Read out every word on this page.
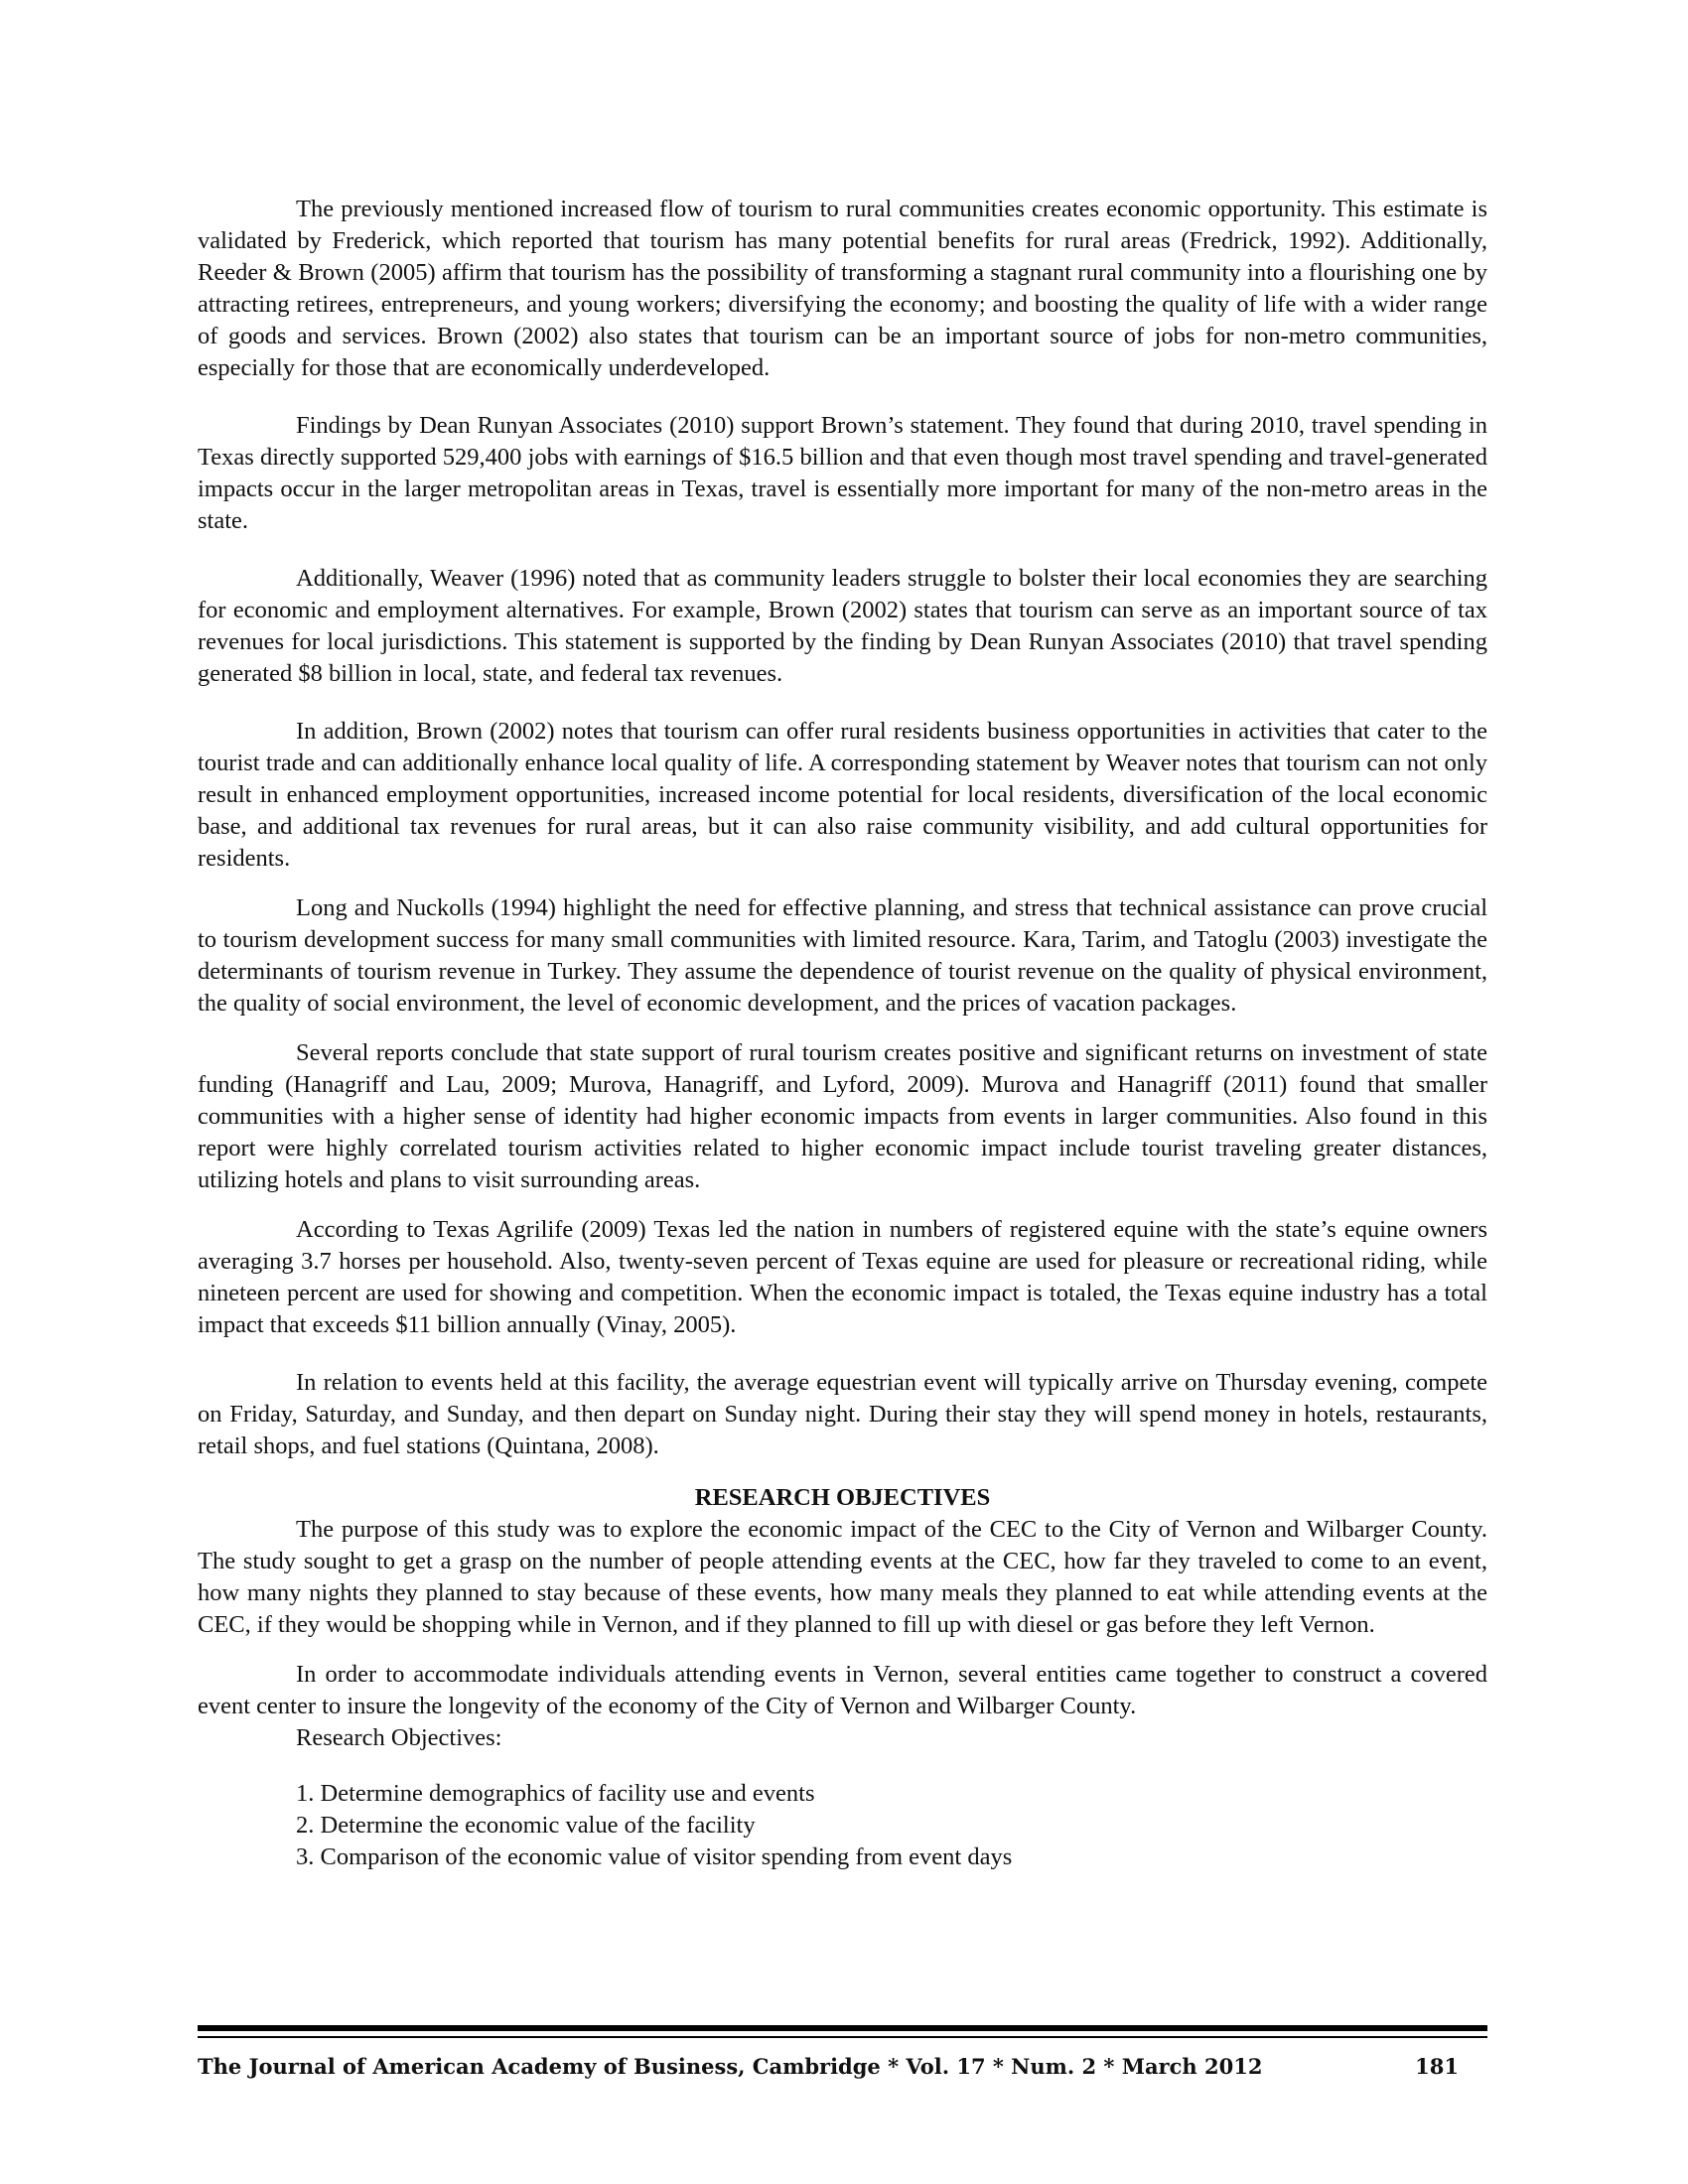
The previously mentioned increased flow of tourism to rural communities creates economic opportunity. This estimate is validated by Frederick, which reported that tourism has many potential benefits for rural areas (Fredrick, 1992). Additionally, Reeder & Brown (2005) affirm that tourism has the possibility of transforming a stagnant rural community into a flourishing one by attracting retirees, entrepreneurs, and young workers; diversifying the economy; and boosting the quality of life with a wider range of goods and services. Brown (2002) also states that tourism can be an important source of jobs for non-metro communities, especially for those that are economically underdeveloped.

Findings by Dean Runyan Associates (2010) support Brown’s statement. They found that during 2010, travel spending in Texas directly supported 529,400 jobs with earnings of $16.5 billion and that even though most travel spending and travel-generated impacts occur in the larger metropolitan areas in Texas, travel is essentially more important for many of the non-metro areas in the state.

Additionally, Weaver (1996) noted that as community leaders struggle to bolster their local economies they are searching for economic and employment alternatives. For example, Brown (2002) states that tourism can serve as an important source of tax revenues for local jurisdictions. This statement is supported by the finding by Dean Runyan Associates (2010) that travel spending generated $8 billion in local, state, and federal tax revenues.

In addition, Brown (2002) notes that tourism can offer rural residents business opportunities in activities that cater to the tourist trade and can additionally enhance local quality of life. A corresponding statement by Weaver notes that tourism can not only result in enhanced employment opportunities, increased income potential for local residents, diversification of the local economic base, and additional tax revenues for rural areas, but it can also raise community visibility, and add cultural opportunities for residents.

Long and Nuckolls (1994) highlight the need for effective planning, and stress that technical assistance can prove crucial to tourism development success for many small communities with limited resource. Kara, Tarim, and Tatoglu (2003) investigate the determinants of tourism revenue in Turkey. They assume the dependence of tourist revenue on the quality of physical environment, the quality of social environment, the level of economic development, and the prices of vacation packages.

Several reports conclude that state support of rural tourism creates positive and significant returns on investment of state funding (Hanagriff and Lau, 2009; Murova, Hanagriff, and Lyford, 2009). Murova and Hanagriff (2011) found that smaller communities with a higher sense of identity had higher economic impacts from events in larger communities. Also found in this report were highly correlated tourism activities related to higher economic impact include tourist traveling greater distances, utilizing hotels and plans to visit surrounding areas.

According to Texas Agrilife (2009) Texas led the nation in numbers of registered equine with the state’s equine owners averaging 3.7 horses per household. Also, twenty-seven percent of Texas equine are used for pleasure or recreational riding, while nineteen percent are used for showing and competition. When the economic impact is totaled, the Texas equine industry has a total impact that exceeds $11 billion annually (Vinay, 2005).

In relation to events held at this facility, the average equestrian event will typically arrive on Thursday evening, compete on Friday, Saturday, and Sunday, and then depart on Sunday night. During their stay they will spend money in hotels, restaurants, retail shops, and fuel stations (Quintana, 2008).

RESEARCH OBJECTIVES

The purpose of this study was to explore the economic impact of the CEC to the City of Vernon and Wilbarger County. The study sought to get a grasp on the number of people attending events at the CEC, how far they traveled to come to an event, how many nights they planned to stay because of these events, how many meals they planned to eat while attending events at the CEC, if they would be shopping while in Vernon, and if they planned to fill up with diesel or gas before they left Vernon.

In order to accommodate individuals attending events in Vernon, several entities came together to construct a covered event center to insure the longevity of the economy of the City of Vernon and Wilbarger County.

Research Objectives:

1. Determine demographics of facility use and events
2. Determine the economic value of the facility
3. Comparison of the economic value of visitor spending from event days
The Journal of American Academy of Business, Cambridge * Vol. 17 * Num. 2 * March 2012	181
